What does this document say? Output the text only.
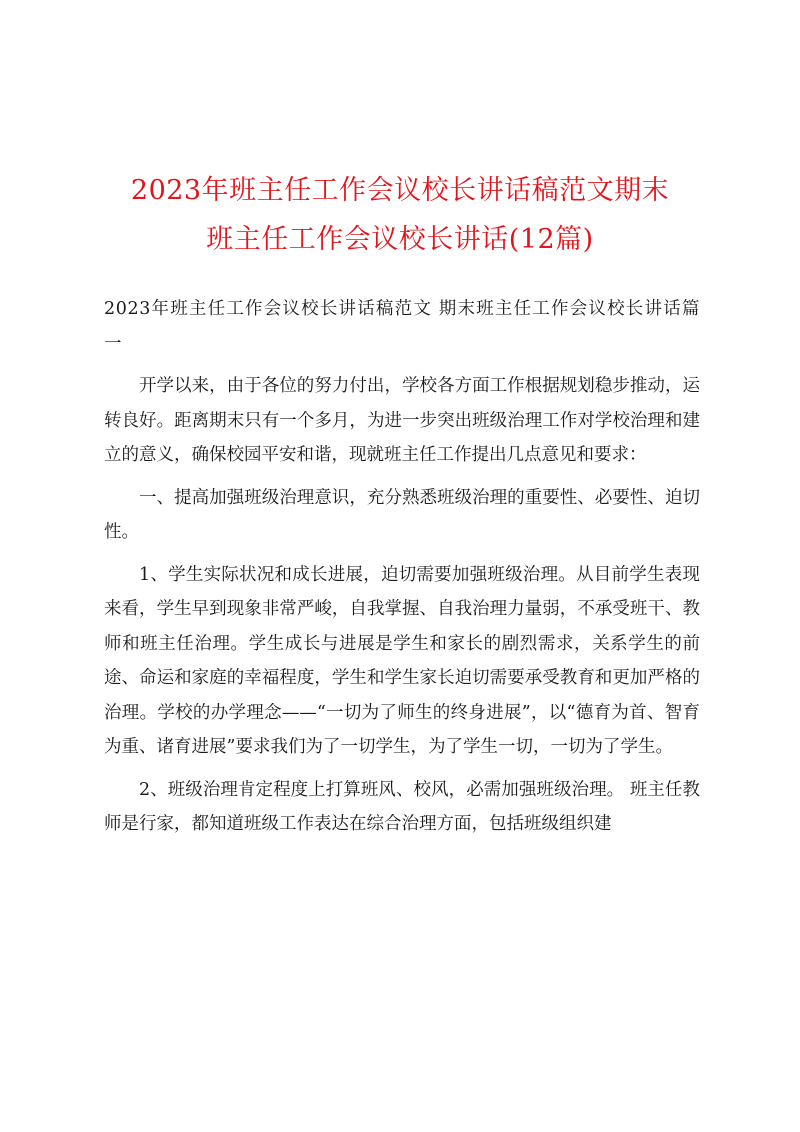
2023年班主任工作会议校长讲话稿范文期末
班主任工作会议校长讲话(12篇)

2023年班主任工作会议校长讲话稿范文 期末班主任工作会议校长讲话篇一

开学以来，由于各位的努力付出，学校各方面工作根据规划稳步推动，运转良好。距离期末只有一个多月，为进一步突出班级治理工作对学校治理和建立的意义，确保校园平安和谐，现就班主任工作提出几点意见和要求：

一、提高加强班级治理意识，充分熟悉班级治理的重要性、必要性、迫切性。

1、学生实际状况和成长进展，迫切需要加强班级治理。从目前学生表现来看，学生早到现象非常严峻，自我掌握、自我治理力量弱，不承受班干、教师和班主任治理。学生成长与进展是学生和家长的剧烈需求，关系学生的前途、命运和家庭的幸福程度，学生和学生家长迫切需要承受教育和更加严格的治理。学校的办学理念——“一切为了师生的终身进展”，以“德育为首、智育为重、诸育进展”要求我们为了一切学生，为了学生一切，一切为了学生。

2、班级治理肯定程度上打算班风、校风，必需加强班级治理。 班主任教师是行家，都知道班级工作表达在综合治理方面，包括班级组织建
